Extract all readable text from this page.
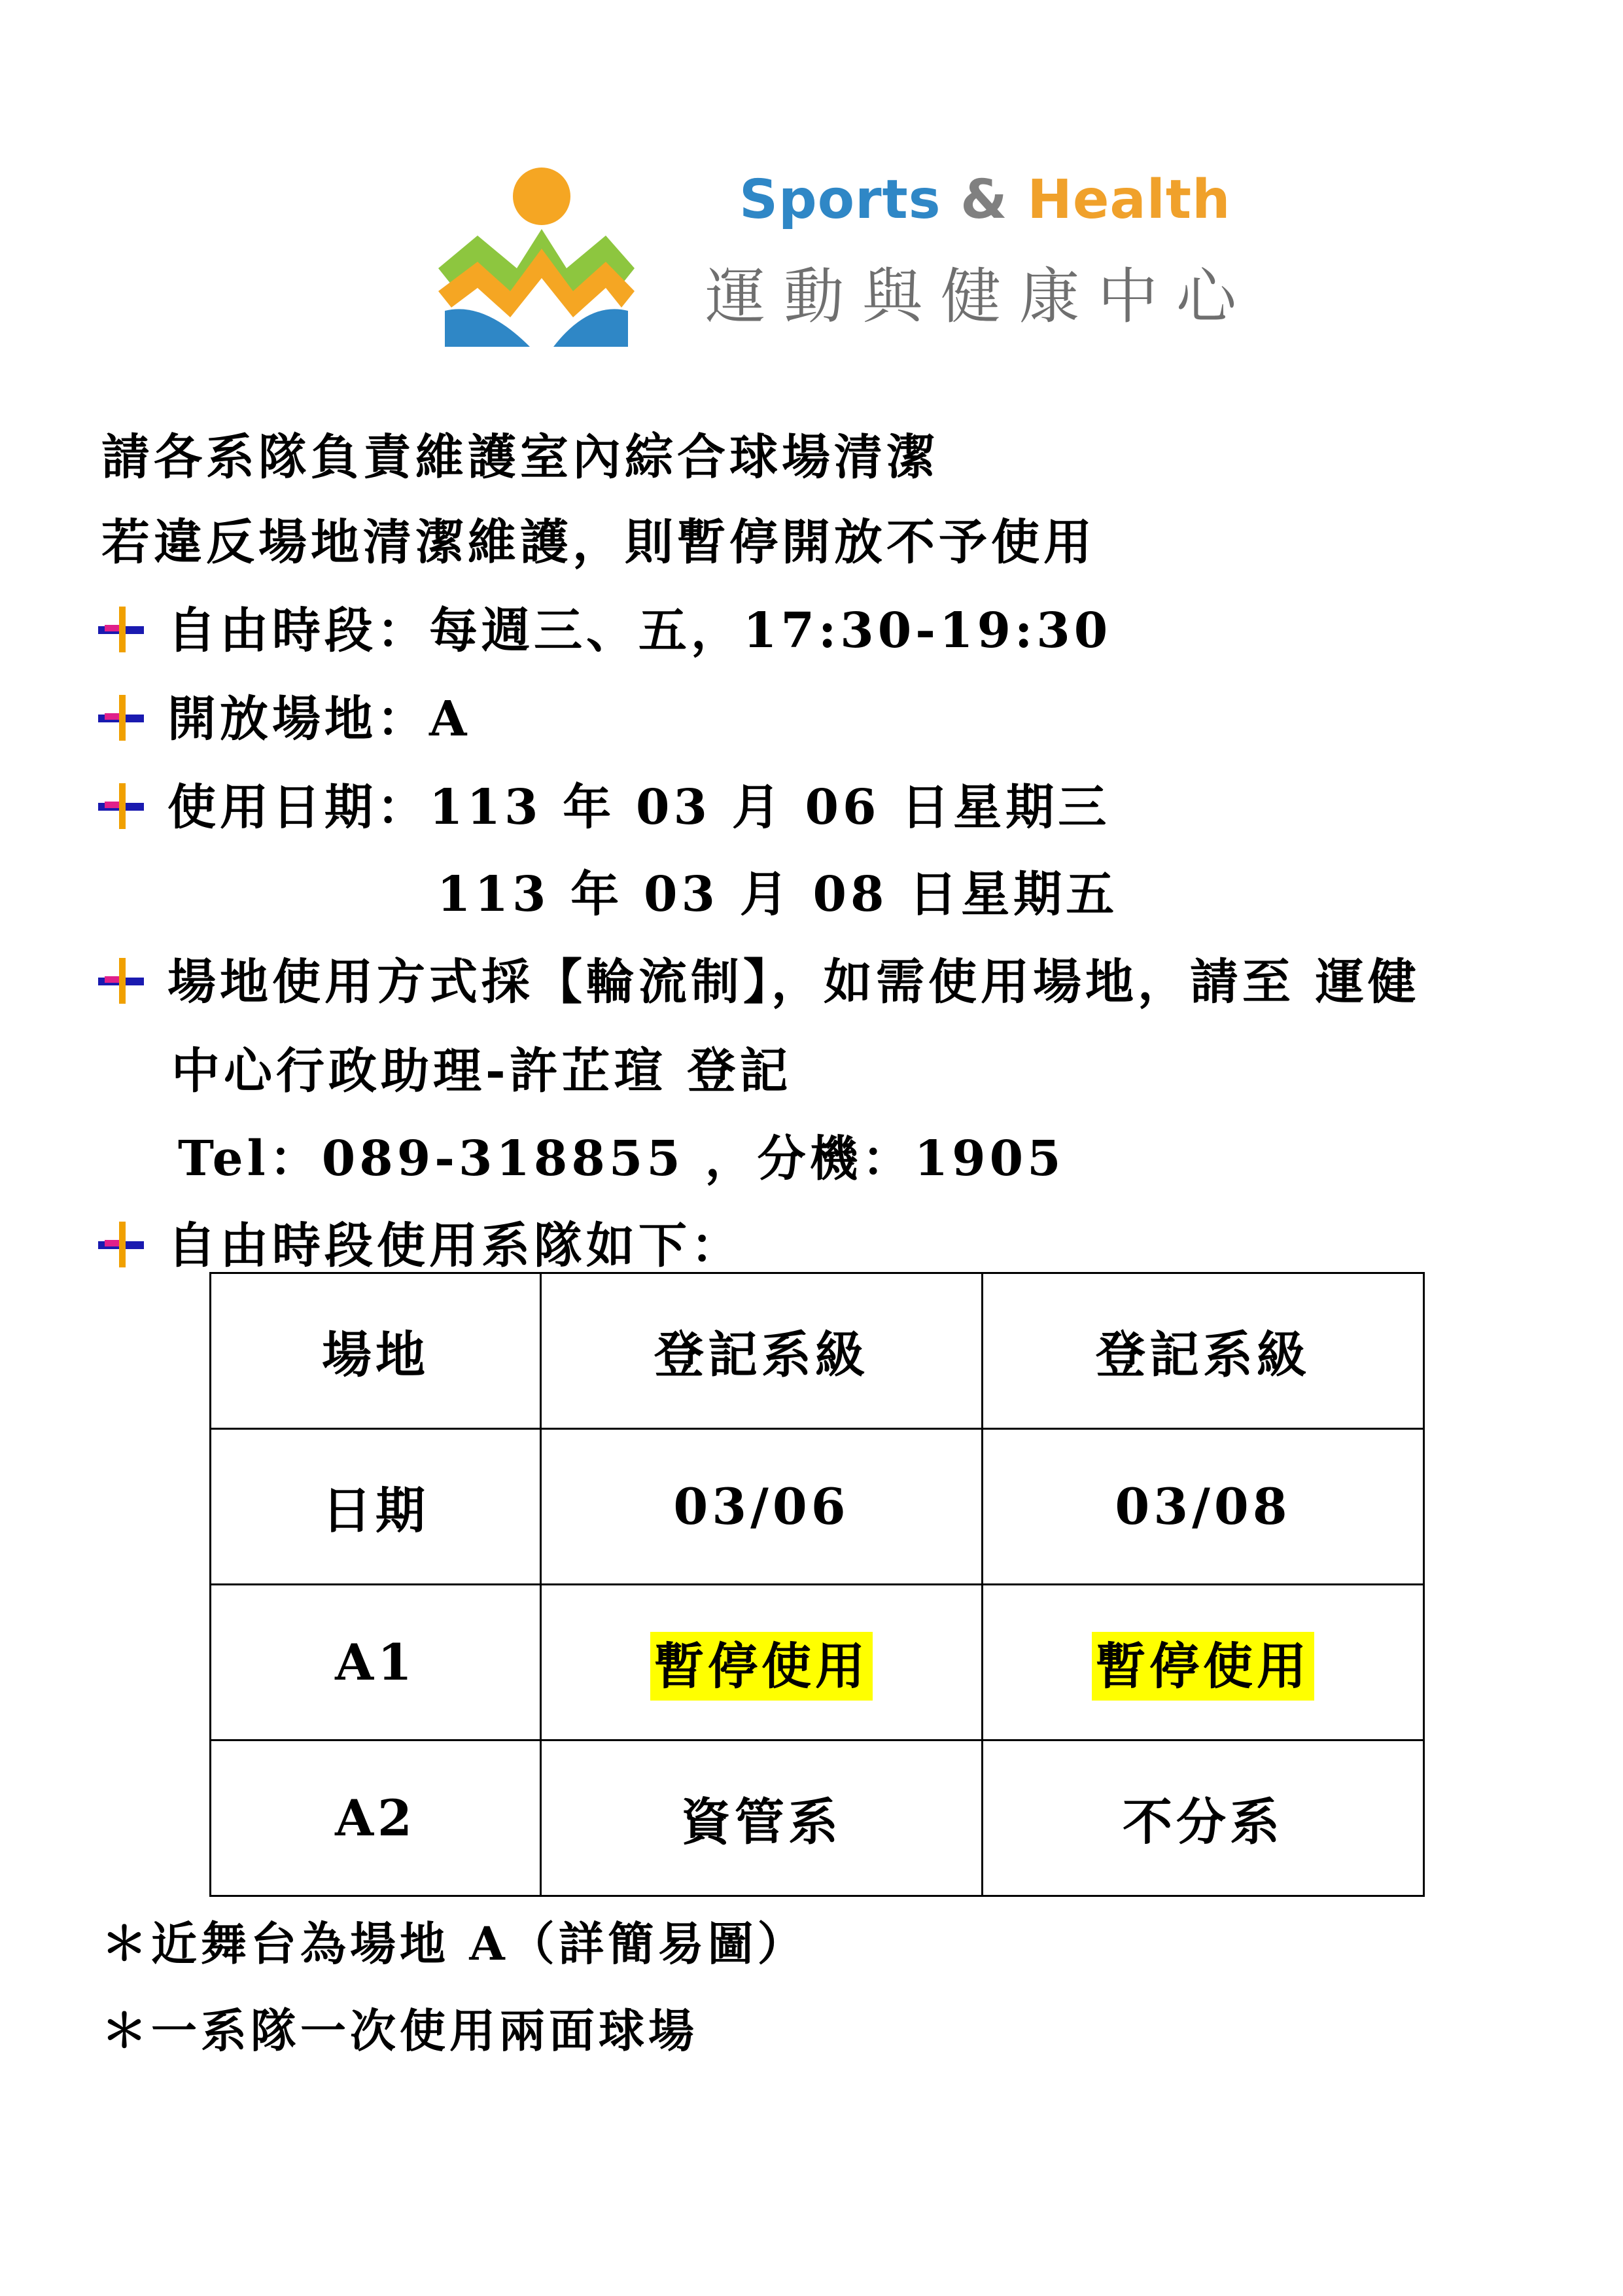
Sports & Health
運動與健康中心
請各系隊負責維護室內綜合球場清潔
若違反場地清潔維護，則暫停開放不予使用
自由時段：每週三、五，17:30-19:30
開放場地：A
使用日期：113 年 03 月 06 日星期三
113 年 03 月 08 日星期五
場地使用方式採【輪流制】，如需使用場地，請至 運健
中心行政助理-許芷瑄 登記
Tel：089-318855 ，分機：1905
自由時段使用系隊如下：
場地	登記系級	登記系級
日期	03/06	03/08
A1	暫停使用	暫停使用
A2	資管系	不分系
＊近舞台為場地 A（詳簡易圖）
＊一系隊一次使用兩面球場
